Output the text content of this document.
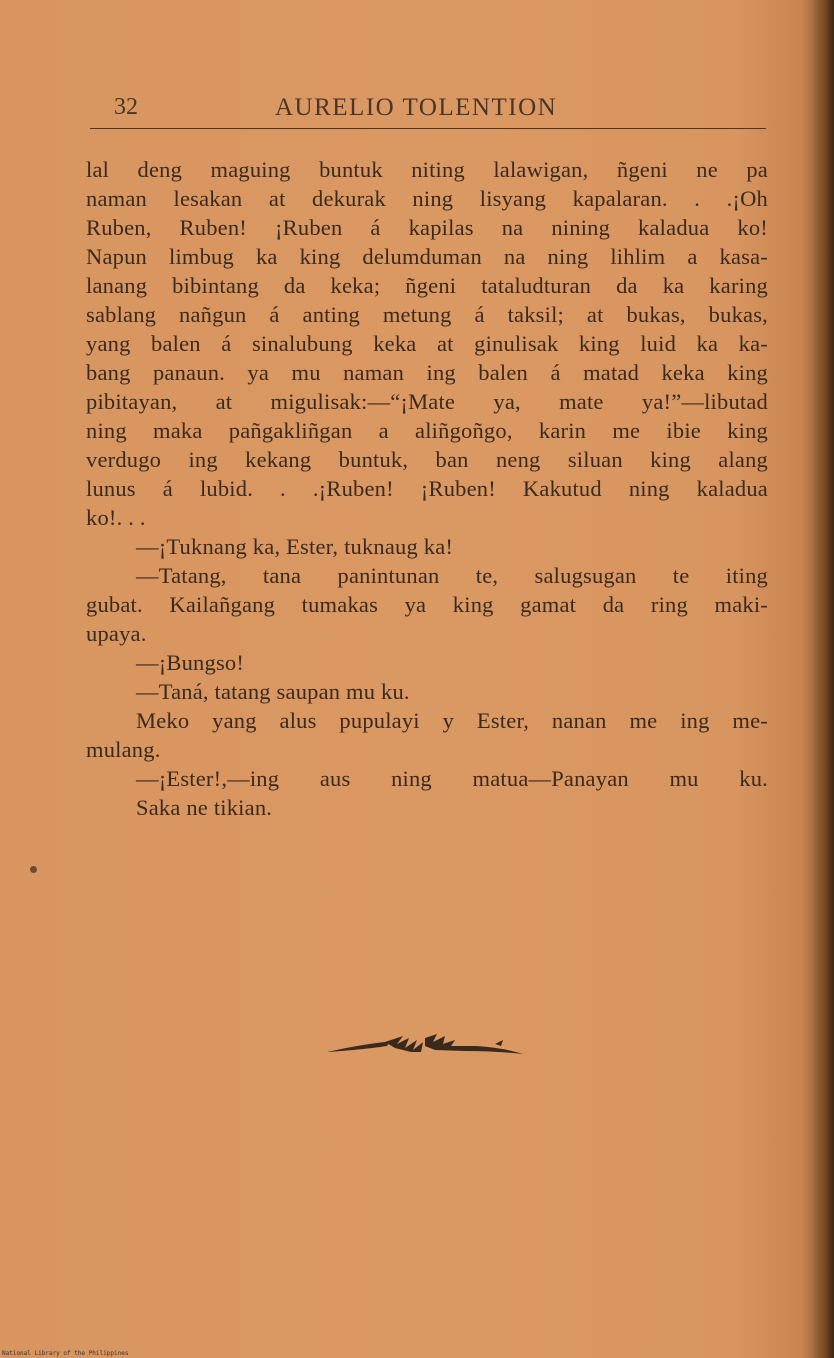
32	AURELIO TOLENTION
lal deng maguing buntuk niting lalawigan, ñgeni ne pa
naman lesakan at dekurak ning lisyang kapalaran. . .¡Oh
Ruben, Ruben! ¡Ruben á kapilas na nining kaladua ko!
Napun limbug ka king delumduman na ning lihlim a kasa-
lanang bibintang da keka; ñgeni tataludturan da ka karing
sablang nañgun á anting metung á taksil; at bukas, bukas,
yang balen á sinalubung keka at ginulisak king luid ka ka-
bang panaun. ya mu naman ing balen á matad keka king
pibitayan, at migulisak:—“¡Mate ya, mate ya!”—libutad
ning maka pañgakliñgan a aliñgoñgo, karin me ibie king
verdugo ing kekang buntuk, ban neng siluan king alang
lunus á lubid. . .¡Ruben! ¡Ruben! Kakutud ning kaladua
ko!. . .
—¡Tuknang ka, Ester, tuknaug ka!
—Tatang, tana panintunan te, salugsugan te iting
gubat. Kailañgang tumakas ya king gamat da ring maki-
upaya.
—¡Bungso!
—Taná, tatang saupan mu ku.
Meko yang alus pupulayi y Ester, nanan me ing me-
mulang.
—¡Ester!,—ing aus ning matua—Panayan mu ku.
Saka ne tikian.
National Library of the Philippines
